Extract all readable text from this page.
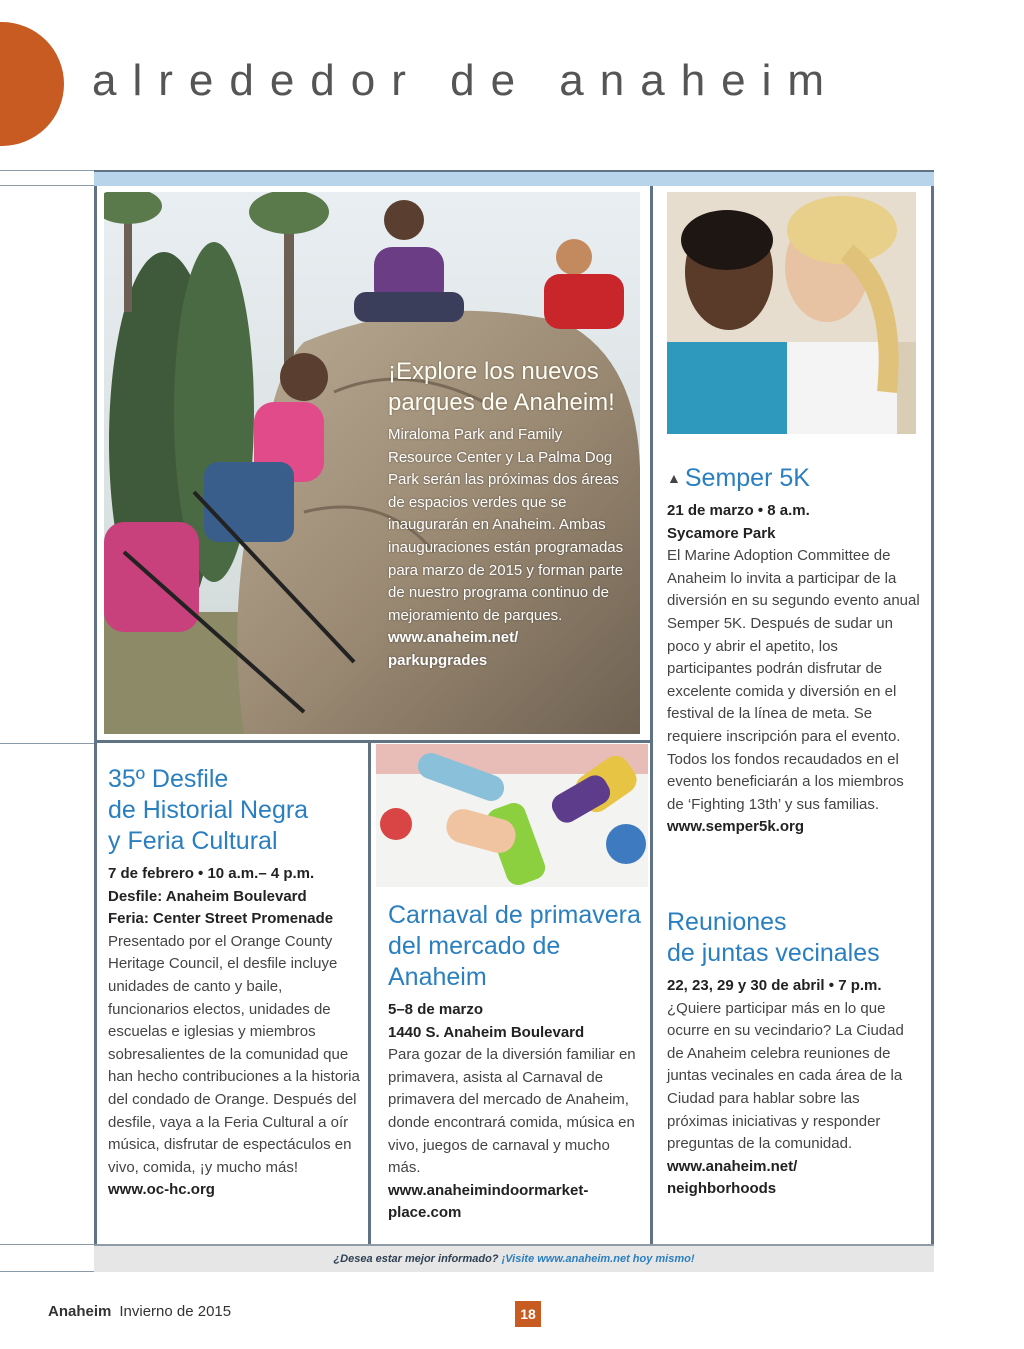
alrededor de anaheim
¡Explore los nuevos parques de Anaheim!
Miraloma Park and Family Resource Center y La Palma Dog Park serán las próximas dos áreas de espacios verdes que se inaugurarán en Anaheim. Ambas inauguraciones están programadas para marzo de 2015 y forman parte de nuestro programa continuo de mejoramiento de parques.
www.anaheim.net/
parkupgrades
35º Desfile
de Historial Negra
y Feria Cultural
7 de febrero • 10 a.m.– 4 p.m.
Desfile: Anaheim Boulevard
Feria: Center Street Promenade
Presentado por el Orange County Heritage Council, el desfile incluye unidades de canto y baile, funcionarios electos, unidades de escuelas e iglesias y miembros sobresalientes de la comunidad que han hecho contribuciones a la historia del condado de Orange. Después del desfile, vaya a la Feria Cultural a oír música, disfrutar de espectáculos en vivo, comida, ¡y mucho más!
www.oc-hc.org
Carnaval de primavera
del mercado de
Anaheim
5–8 de marzo
1440 S. Anaheim Boulevard
Para gozar de la diversión familiar en primavera, asista al Carnaval de primavera del mercado de Anaheim, donde encontrará comida, música en vivo, juegos de carnaval y mucho más.
www.anaheimindoormarket-
place.com
▲ Semper 5K
21 de marzo • 8 a.m.
Sycamore Park
El Marine Adoption Committee de Anaheim lo invita a participar de la diversión en su segundo evento anual Semper 5K. Después de sudar un poco y abrir el apetito, los participantes podrán disfrutar de excelente comida y diversión en el festival de la línea de meta. Se requiere inscripción para el evento. Todos los fondos recaudados en el evento beneficiarán a los miembros de ‘Fighting 13th’ y sus familias.
www.semper5k.org
Reuniones
de juntas vecinales
22, 23, 29 y 30 de abril • 7 p.m.
¿Quiere participar más en lo que ocurre en su vecindario? La Ciudad de Anaheim celebra reuniones de juntas vecinales en cada área de la Ciudad para hablar sobre las próximas iniciativas y responder preguntas de la comunidad.
www.anaheim.net/
neighborhoods
¿Desea estar mejor informado? ¡Visite www.anaheim.net hoy mismo!
Anaheim Invierno de 2015	18
